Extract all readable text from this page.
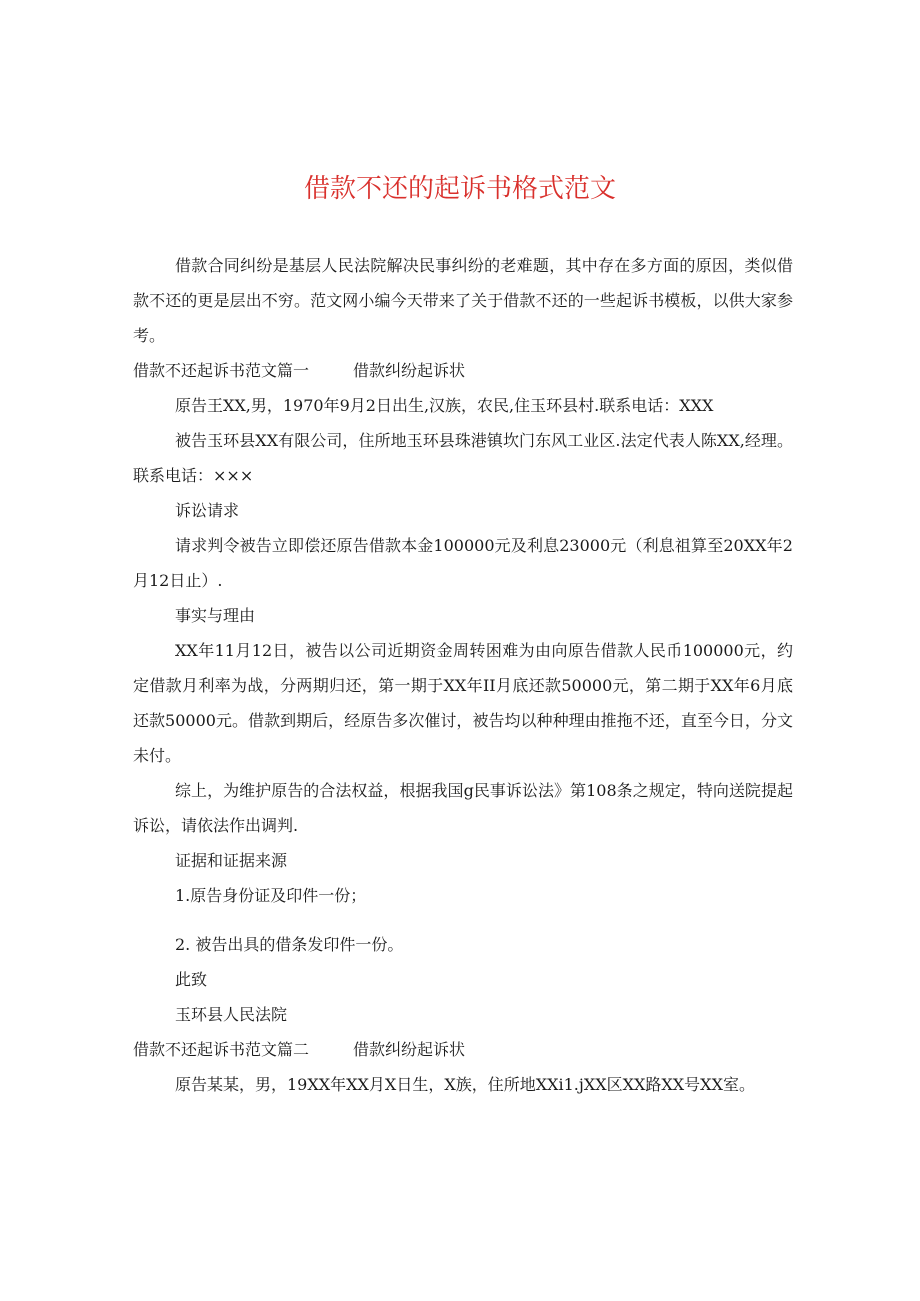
借款不还的起诉书格式范文

借款合同纠纷是基层人民法院解决民事纠纷的老难题，其中存在多方面的原因，类似借款不还的更是层出不穷。范文网小编今天带来了关于借款不还的一些起诉书模板，以供大家参考。

借款不还起诉书范文篇一	借款纠纷起诉状

原告王XX,男，1970年9月2日出生,汉族，农民,住玉环县村.联系电话：XXX

被告玉环县XX有限公司，住所地玉环县珠港镇坎门东风工业区.法定代表人陈XX,经理。联系电话：×××

诉讼请求

请求判令被告立即偿还原告借款本金100000元及利息23000元（利息祖算至20XX年2月12日止）.

事实与理由

XX年11月12日，被告以公司近期资金周转困难为由向原告借款人民币100000元，约定借款月利率为战，分两期归还，第一期于XX年II月底还款50000元，第二期于XX年6月底还款50000元。借款到期后，经原告多次催讨，被告均以种种理由推拖不还，直至今日，分文未付。

综上，为维护原告的合法权益，根据我国g民事诉讼法》第108条之规定，特向送院提起诉讼，请依法作出调判.

证据和证据来源

1.原告身份证及印件一份；

2. 被告出具的借条发印件一份。

此致

玉环县人民法院

借款不还起诉书范文篇二	借款纠纷起诉状

原告某某，男，19XX年XX月X日生，X族，住所地XXi1.jXX区XX路XX号XX室。
